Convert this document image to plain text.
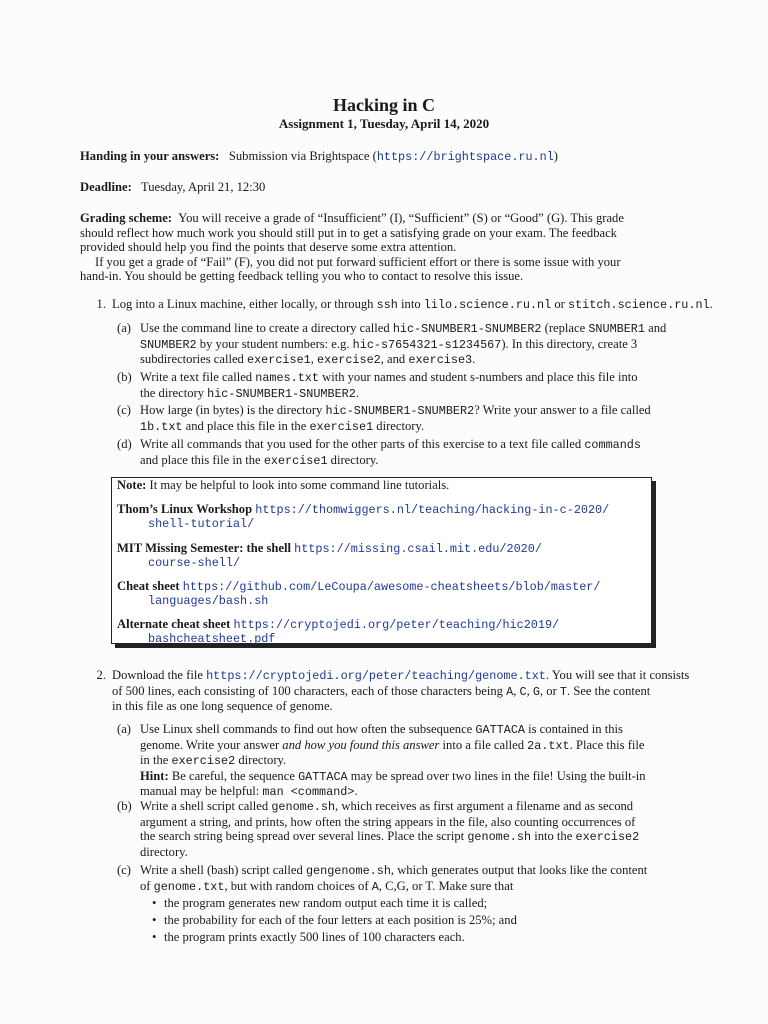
Hacking in C
Assignment 1, Tuesday, April 14, 2020
Handing in your answers: Submission via Brightspace (https://brightspace.ru.nl)
Deadline: Tuesday, April 21, 12:30
Grading scheme: You will receive a grade of “Insufficient” (I), “Sufficient” (S) or “Good” (G). This grade
should reflect how much work you should still put in to get a satisfying grade on your exam. The feedback
provided should help you find the points that deserve some extra attention.
If you get a grade of “Fail” (F), you did not put forward sufficient effort or there is some issue with your
hand-in. You should be getting feedback telling you who to contact to resolve this issue.
1. Log into a Linux machine, either locally, or through ssh into lilo.science.ru.nl or stitch.science.ru.nl.
(a) Use the command line to create a directory called hic-SNUMBER1-SNUMBER2 (replace SNUMBER1 and
SNUMBER2 by your student numbers: e.g. hic-s7654321-s1234567). In this directory, create 3
subdirectories called exercise1, exercise2, and exercise3.
(b) Write a text file called names.txt with your names and student s-numbers and place this file into
the directory hic-SNUMBER1-SNUMBER2.
(c) How large (in bytes) is the directory hic-SNUMBER1-SNUMBER2? Write your answer to a file called
1b.txt and place this file in the exercise1 directory.
(d) Write all commands that you used for the other parts of this exercise to a text file called commands
and place this file in the exercise1 directory.
Note: It may be helpful to look into some command line tutorials.
Thom’s Linux Workshop https://thomwiggers.nl/teaching/hacking-in-c-2020/
shell-tutorial/
MIT Missing Semester: the shell https://missing.csail.mit.edu/2020/
course-shell/
Cheat sheet https://github.com/LeCoupa/awesome-cheatsheets/blob/master/
languages/bash.sh
Alternate cheat sheet https://cryptojedi.org/peter/teaching/hic2019/
bashcheatsheet.pdf
2. Download the file https://cryptojedi.org/peter/teaching/genome.txt. You will see that it consists
of 500 lines, each consisting of 100 characters, each of those characters being A, C, G, or T. See the content
in this file as one long sequence of genome.
(a) Use Linux shell commands to find out how often the subsequence GATTACA is contained in this
genome. Write your answer and how you found this answer into a file called 2a.txt. Place this file
in the exercise2 directory.
Hint: Be careful, the sequence GATTACA may be spread over two lines in the file! Using the built-in
manual may be helpful: man <command>.
(b) Write a shell script called genome.sh, which receives as first argument a filename and as second
argument a string, and prints, how often the string appears in the file, also counting occurrences of
the search string being spread over several lines. Place the script genome.sh into the exercise2
directory.
(c) Write a shell (bash) script called gengenome.sh, which generates output that looks like the content
of genome.txt, but with random choices of A, C,G, or T. Make sure that
• the program generates new random output each time it is called;
• the probability for each of the four letters at each position is 25%; and
• the program prints exactly 500 lines of 100 characters each.
